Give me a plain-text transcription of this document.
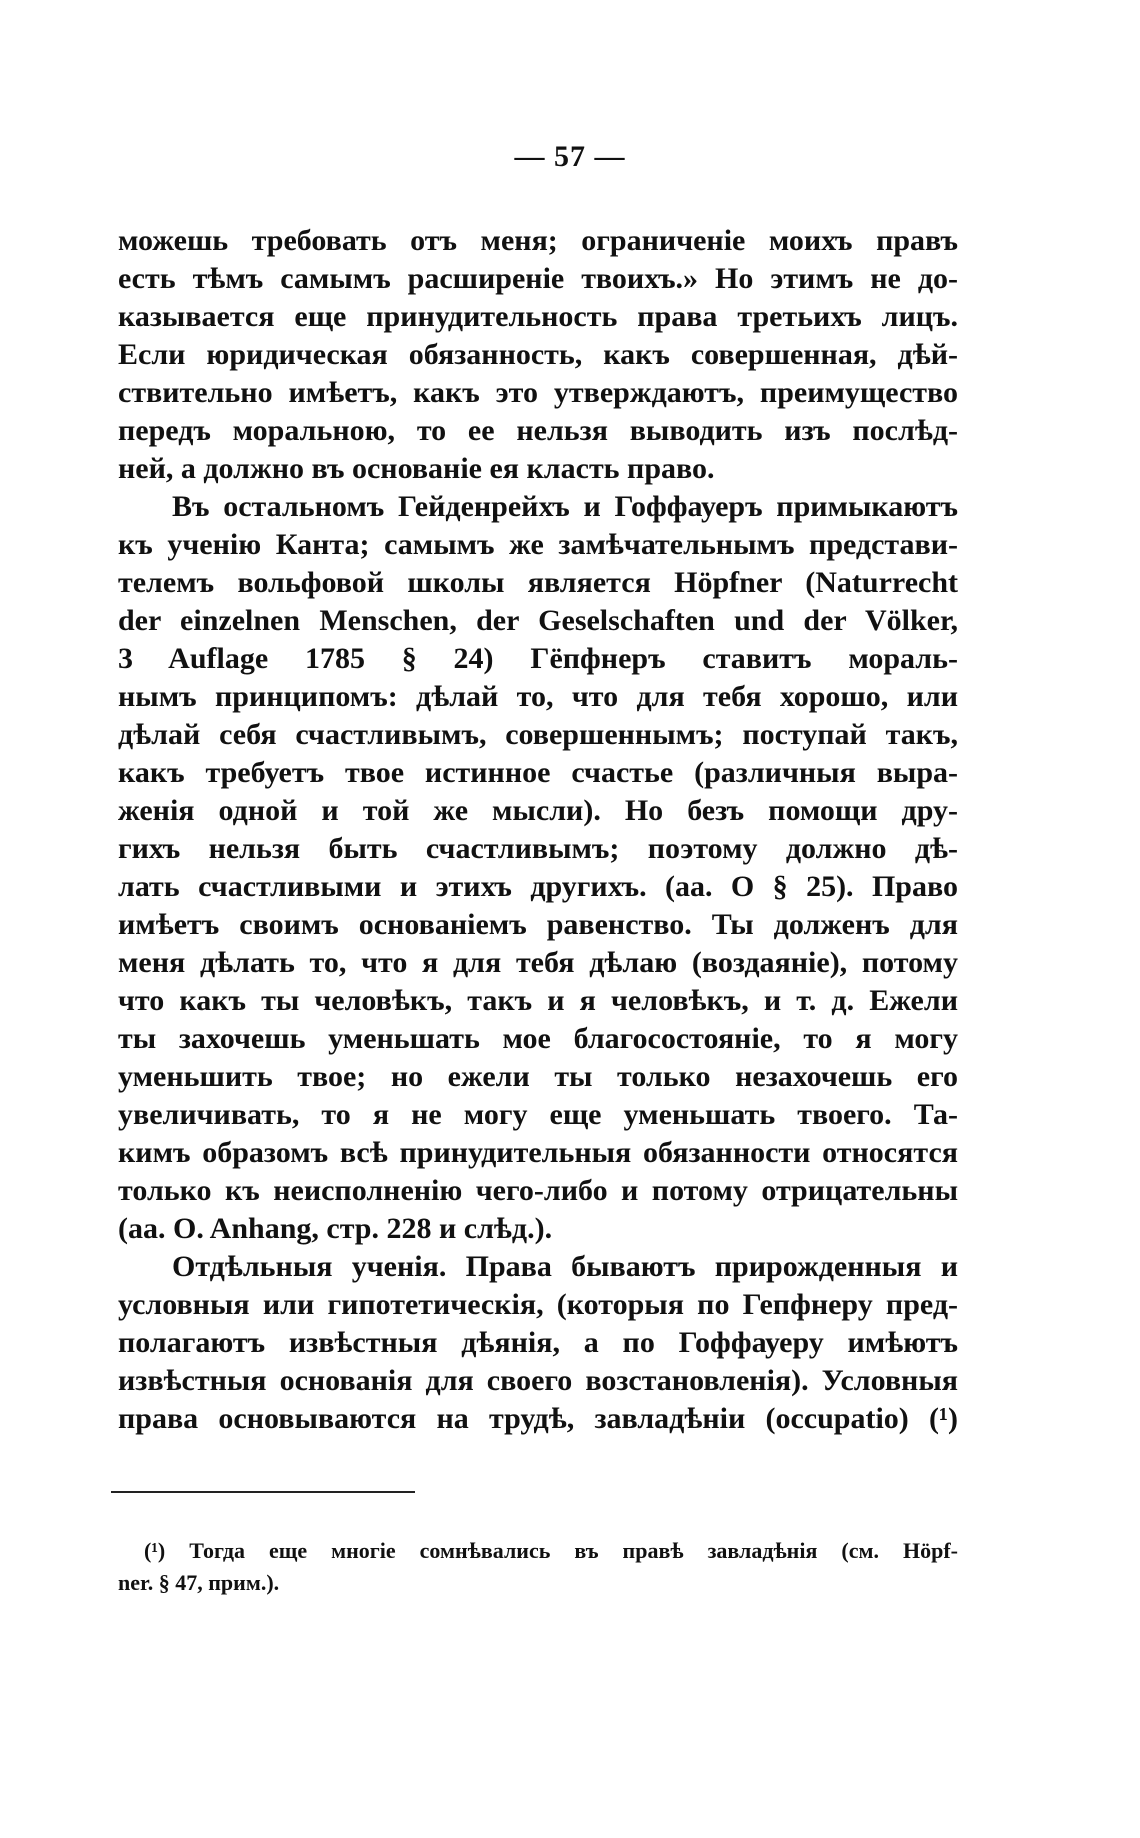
— 57 —
можешь требовать отъ меня; ограниченіе моихъ правъ
есть тѣмъ самымъ расширеніе твоихъ.» Но этимъ не до-
казывается еще принудительность права третьихъ лицъ.
Если юридическая обязанность, какъ совершенная, дѣй-
ствительно имѣетъ, какъ это утверждаютъ, преимущество
передъ моральною, то ее нельзя выводить изъ послѣд-
ней, а должно въ основаніе ея класть право.
Въ остальномъ Гейденрейхъ и Гоффауеръ примыкаютъ
къ ученію Канта; самымъ же замѣчательнымъ представи-
телемъ вольфовой школы является Höpfner (Naturrecht
der einzelnen Menschen, der Geselschaften und der Völker,
3 Auflage 1785 § 24) Гёпфнеръ ставитъ мораль-
нымъ принципомъ: дѣлай то, что для тебя хорошо, или
дѣлай себя счастливымъ, совершеннымъ; поступай такъ,
какъ требуетъ твое истинное счастье (различныя выра-
женія одной и той же мысли). Но безъ помощи дру-
гихъ нельзя быть счастливымъ; поэтому должно дѣ-
лать счастливыми и этихъ другихъ. (aa. O § 25). Право
имѣетъ своимъ основаніемъ равенство. Ты долженъ для
меня дѣлать то, что я для тебя дѣлаю (воздаяніе), потому
что какъ ты человѣкъ, такъ и я человѣкъ, и т. д. Ежели
ты захочешь уменьшать мое благосостояніе, то я могу
уменьшить твое; но ежели ты только незахочешь его
увеличивать, то я не могу еще уменьшать твоего. Та-
кимъ образомъ всѣ принудительныя обязанности относятся
только къ неисполненію чего-либо и потому отрицательны
(aa. O. Anhang, стр. 228 и слѣд.).
Отдѣльныя ученія. Права бываютъ прирожденныя и
условныя или гипотетическія, (которыя по Гепфнеру пред-
полагаютъ извѣстныя дѣянія, а по Гоффауеру имѣютъ
извѣстныя основанія для своего возстановленія). Условныя
права основываются на трудѣ, завладѣніи (occupatio) (¹)
(¹) Тогда еще многіе сомнѣвались въ правѣ завладѣнія (см. Höpf-
ner. § 47, прим.).
